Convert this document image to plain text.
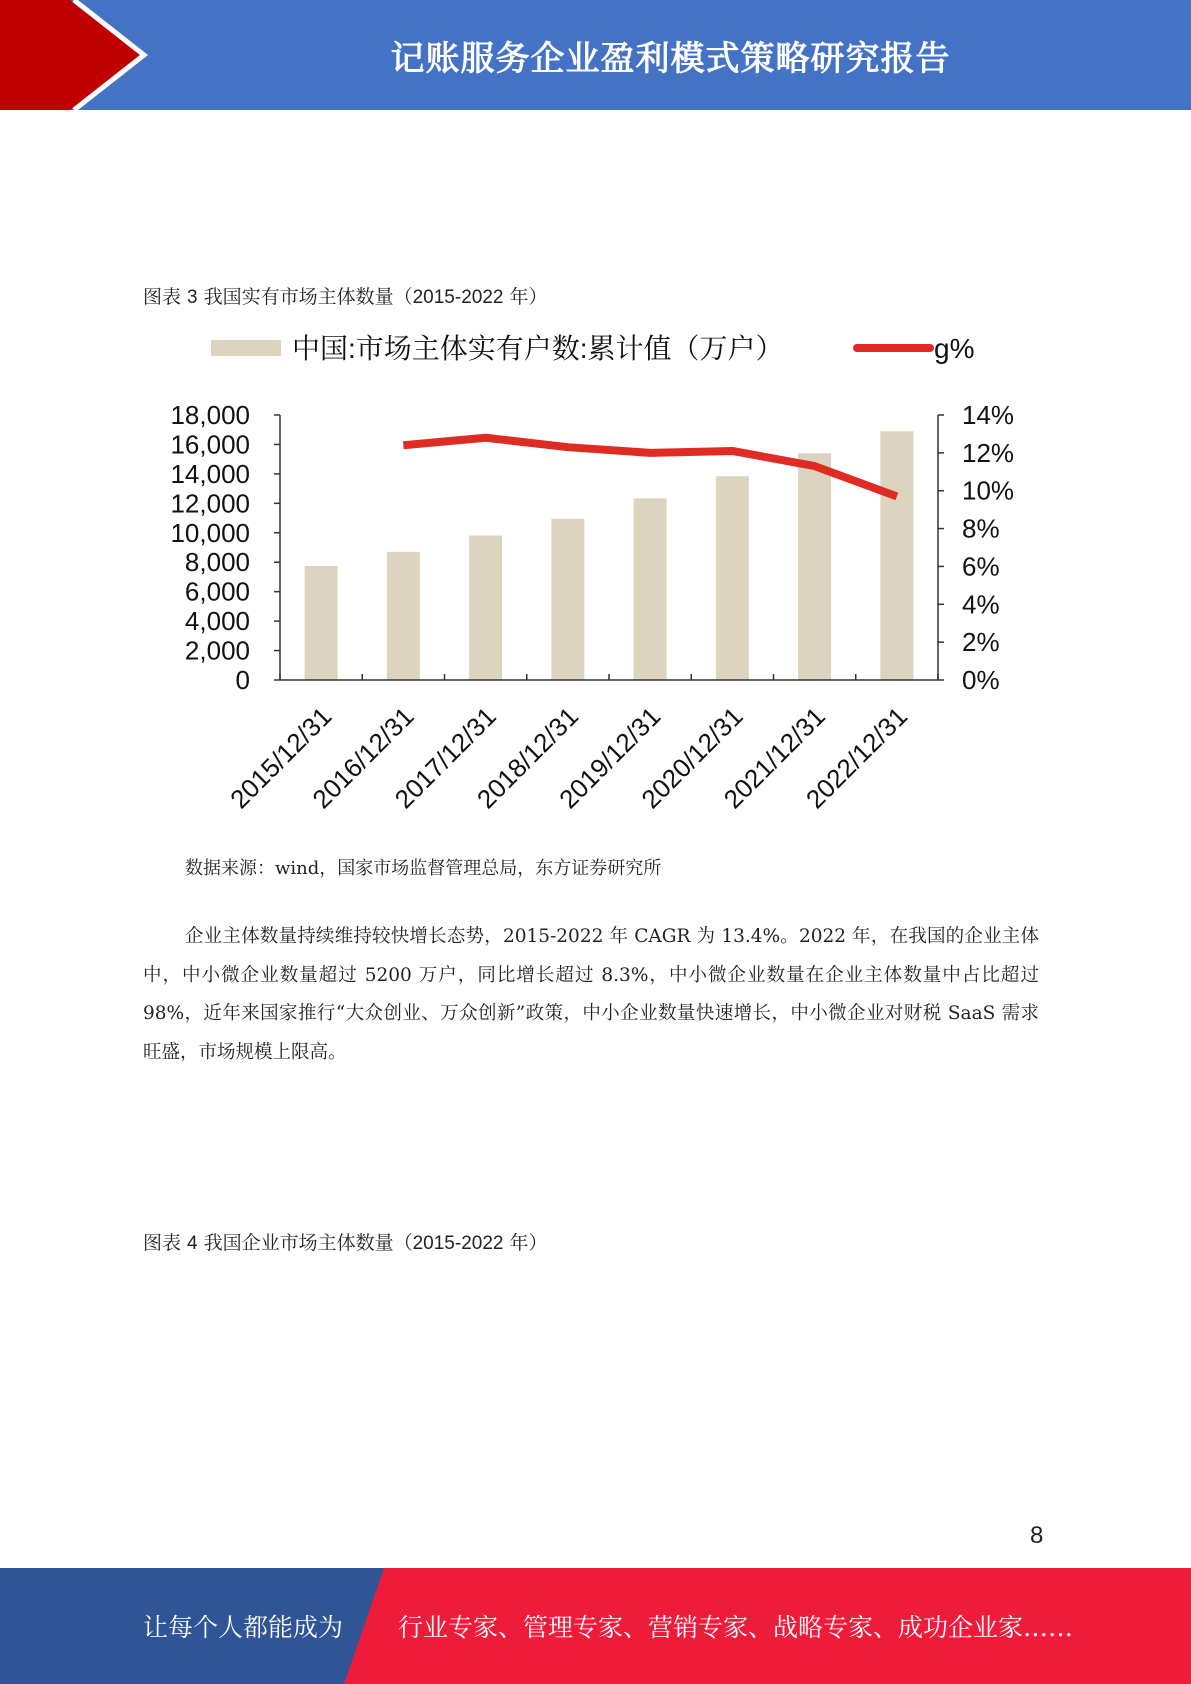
记账服务企业盈利模式策略研究报告
图表 3 我国实有市场主体数量（2015-2022 年）
中国:市场主体实有户数:累计值（万户）	g%
0
2,000
4,000
6,000
8,000
10,000
12,000
14,000
16,000
18,000
0%
2%
4%
6%
8%
10%
12%
14%
2015/12/31
2016/12/31
2017/12/31
2018/12/31
2019/12/31
2020/12/31
2021/12/31
2022/12/31
数据来源：wind，国家市场监督管理总局，东方证券研究所
企业主体数量持续维持较快增长态势，2015-2022 年 CAGR 为 13.4%。2022 年，在我国的企业主体中，中小微企业数量超过 5200 万户，同比增长超过 8.3%，中小微企业数量在企业主体数量中占比超过 98%，近年来国家推行“大众创业、万众创新”政策，中小企业数量快速增长，中小微企业对财税 SaaS 需求旺盛，市场规模上限高。
图表 4 我国企业市场主体数量（2015-2022 年）
8
让每个人都能成为 行业专家、管理专家、营销专家、战略专家、成功企业家……
